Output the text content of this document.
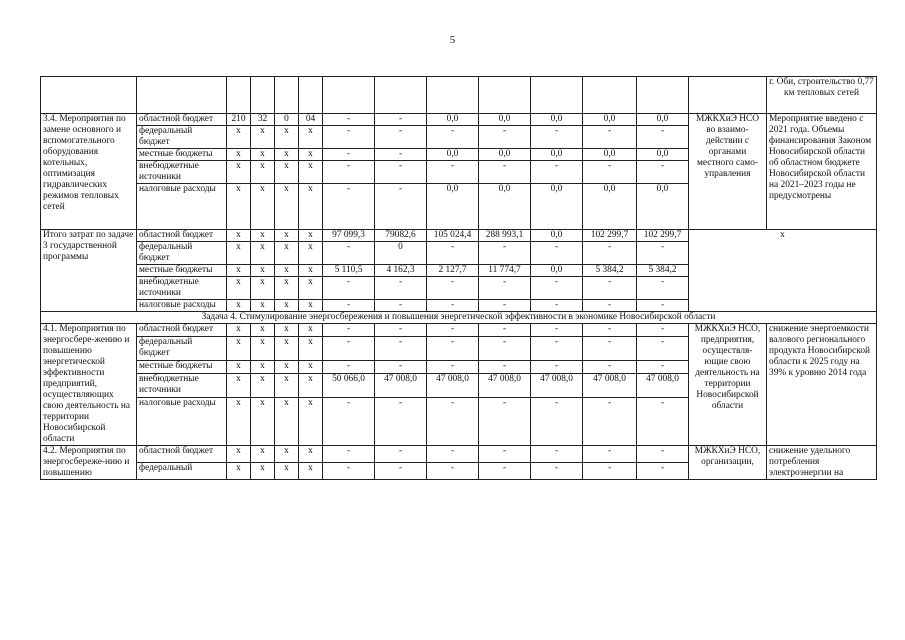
5
														г. Оби, строительство 0,77 км тепловых сетей
3.4. Мероприятия по замене основного и вспомогательного оборудования котельных, оптимизация гидравлических режимов тепловых сетей	областной бюджет	210	32	0	04	-	-	0,0	0,0	0,0	0,0	0,0	МЖКХиЭ НСО во взаимо-действии с органами местного само-управления	Мероприятие введено с 2021 года. Объемы финансирования Законом Новосибирской области об областном бюджете Новосибирской области на 2021–2023 годы не предусмотрены
	федеральный бюджет	x	x	x	x	-	-	-	-	-	-	-		
	местные бюджеты	x	x	x	x	-	-	0,0	0,0	0,0	0,0	0,0		
	внебюджетные источники	x	x	x	x	-	-	-	-	-	-	-		
	налоговые расходы	x	x	x	x	-	-	0,0	0,0	0,0	0,0	0,0		
Итого затрат по задаче 3 государственной программы	областной бюджет	x	x	x	x	97 099,3	79082,6	105 024,4	288 993,1	0,0	102 299,7	102 299,7	x	
	федеральный бюджет	x	x	x	x	-	0	-	-	-	-	-		
	местные бюджеты	x	x	x	x	5 110,5	4 162,3	2 127,7	11 774,7	0,0	5 384,2	5 384,2		
	внебюджетные источники	x	x	x	x	-	-	-	-	-	-	-		
	налоговые расходы	x	x	x	x	-	-	-	-	-	-	-		
Задача 4. Стимулирование энергосбережения и повышения энергетической эффективности в экономике Новосибирской области														
4.1. Мероприятия по энергосбере-жению и повышению энергетической эффективности предприятий, осуществляющих свою деятельность на территории Новосибирской области	областной бюджет	x	x	x	x	-	-	-	-	-	-	-	МЖКХиЭ НСО, предприятия, осуществля-ющие свою деятельность на территории Новосибирской области	снижение энергоемкости валового регионального продукта Новосибирской области к 2025 году на 39% к уровню 2014 года
	федеральный бюджет	x	x	x	x	-	-	-	-	-	-	-		
	местные бюджеты	x	x	x	x	-	-	-	-	-	-	-		
	внебюджетные источники	x	x	x	x	50 066,0	47 008,0	47 008,0	47 008,0	47 008,0	47 008,0	47 008,0		
	налоговые расходы	x	x	x	x	-	-	-	-	-	-	-		
4.2. Мероприятия по энергосбереже-нию и повышению	областной бюджет	x	x	x	x	-	-	-	-	-	-	-	МЖКХиЭ НСО, организации,	снижение удельного потребления электроэнергии на
	федеральный	x	x	x	x	-	-	-	-	-	-	-		
